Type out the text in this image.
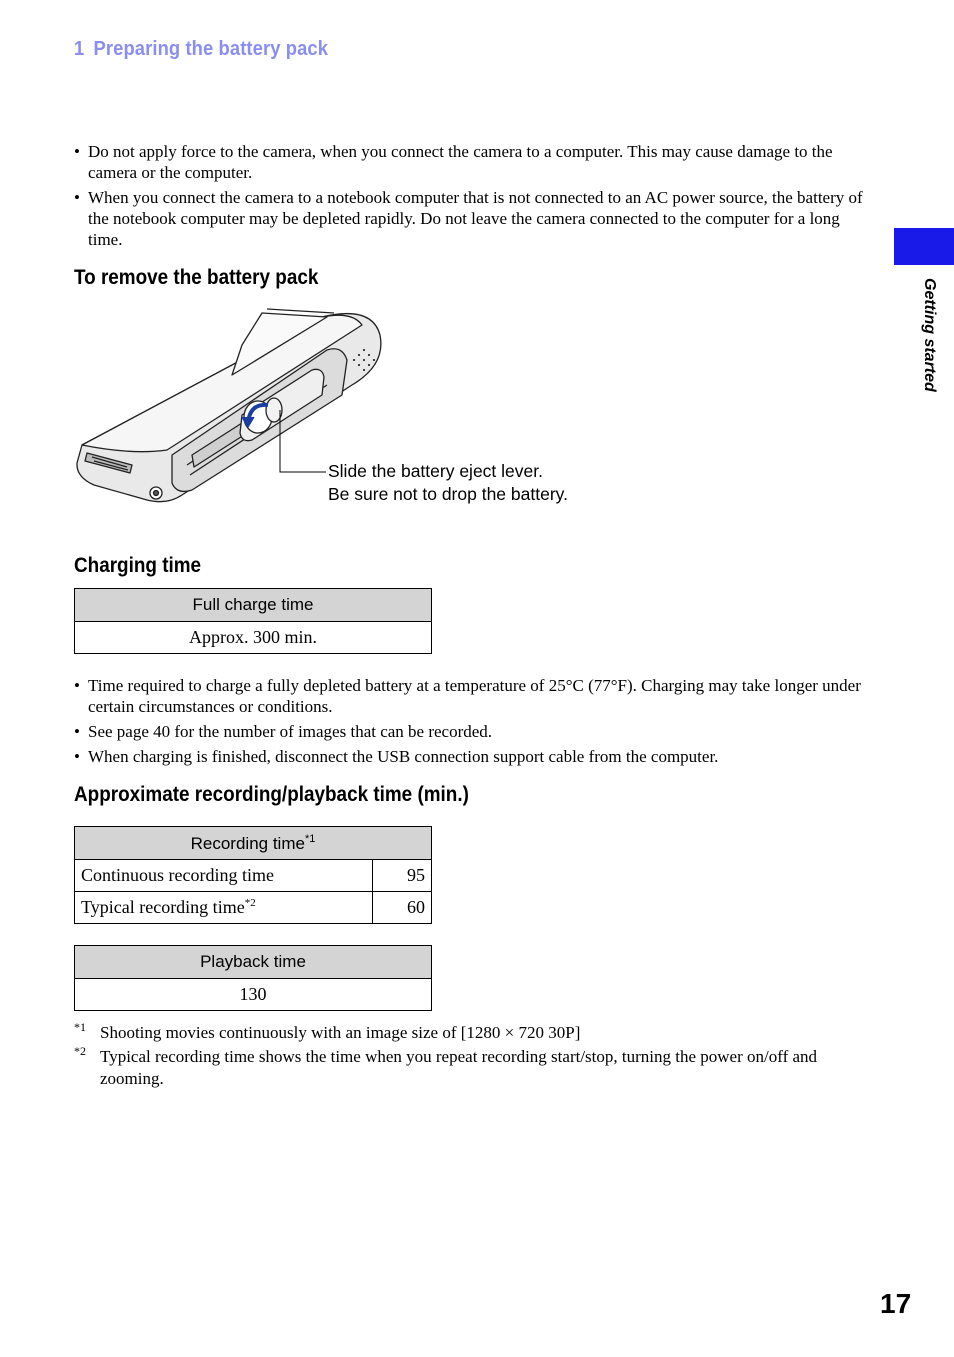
1 Preparing the battery pack
Getting started
• Do not apply force to the camera, when you connect the camera to a computer. This may cause damage to the camera or the computer.
• When you connect the camera to a notebook computer that is not connected to an AC power source, the battery of the notebook computer may be depleted rapidly. Do not leave the camera connected to the computer for a long time.
To remove the battery pack
Slide the battery eject lever.
Be sure not to drop the battery.
Charging time
Full charge time
Approx. 300 min.
• Time required to charge a fully depleted battery at a temperature of 25°C (77°F). Charging may take longer under certain circumstances or conditions.
• See page 40 for the number of images that can be recorded.
• When charging is finished, disconnect the USB connection support cable from the computer.
Approximate recording/playback time (min.)
Recording time$^{*1}$
Continuous recording time	95
Typical recording time$^{*2}$	60
Playback time
130
*1 Shooting movies continuously with an image size of [1280 × 720 30P]
*2 Typical recording time shows the time when you repeat recording start/stop, turning the power on/off and zooming.
17
